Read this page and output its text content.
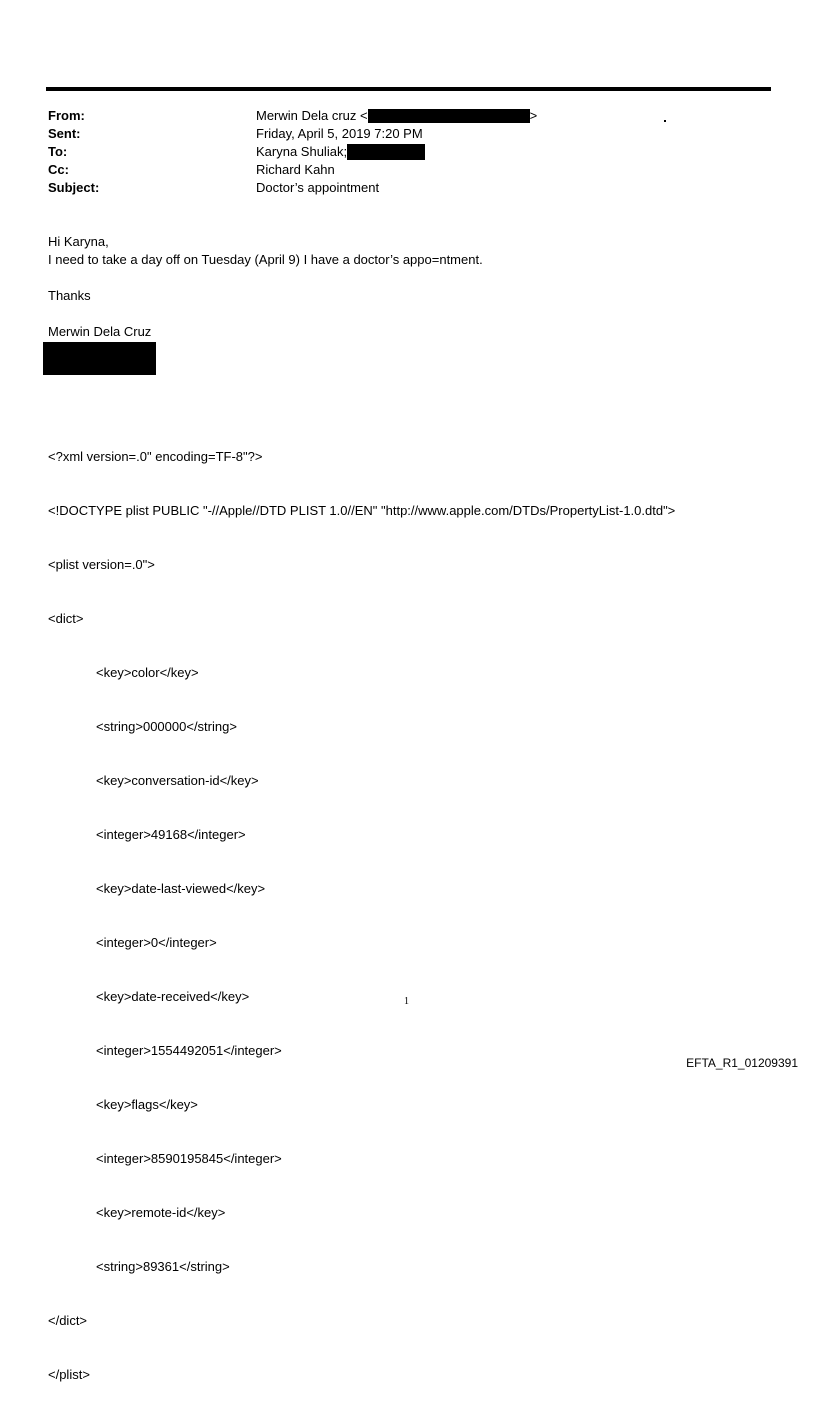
From:	Merwin Dela cruz <	>
Sent:	Friday, April 5, 2019 7:20 PM
To:	Karyna Shuliak;
Cc:	Richard Kahn
Subject:	Doctor’s appointment
Hi Karyna,
I need to take a day off on Tuesday (April 9) I have a doctor’s appo=ntment.
Thanks
Merwin Dela Cruz

<?xml version=.0" encoding=TF-8"?>

<!DOCTYPE plist PUBLIC "-//Apple//DTD PLIST 1.0//EN" "http://www.apple.com/DTDs/PropertyList-1.0.dtd">

<plist version=.0">

<dict>

<key>color</key>

<string>000000</string>

<key>conversation-id</key>

<integer>49168</integer>

<key>date-last-viewed</key>

<integer>0</integer>

<key>date-received</key>

<integer>1554492051</integer>

<key>flags</key>

<integer>8590195845</integer>

<key>remote-id</key>

<string>89361</string>

</dict>

</plist>

1
EFTA_R1_01209391
